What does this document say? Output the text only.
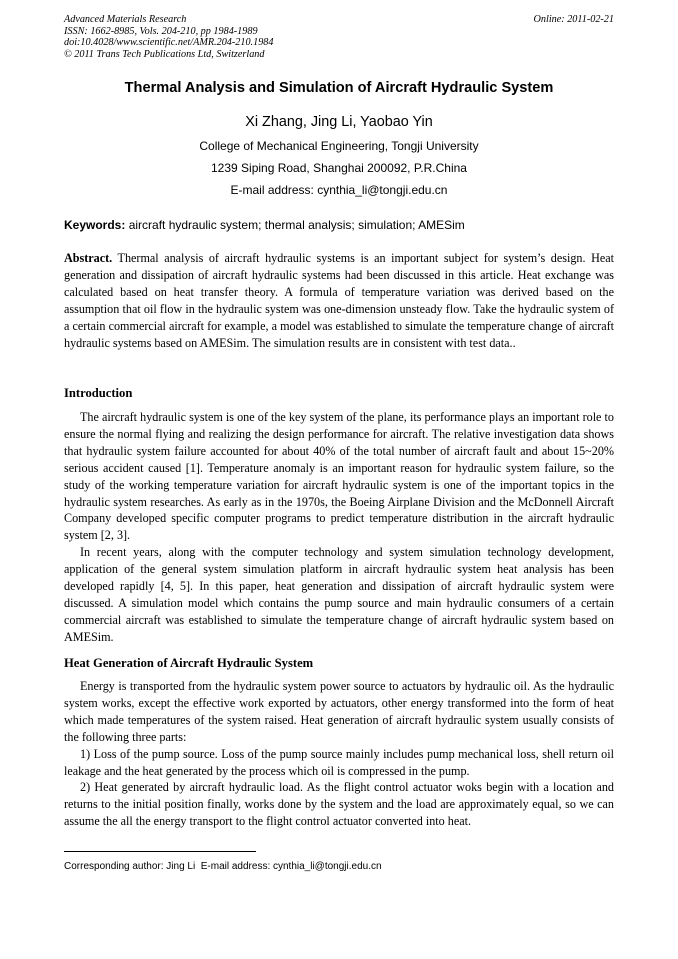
Advanced Materials Research
ISSN: 1662-8985, Vols. 204-210, pp 1984-1989
doi:10.4028/www.scientific.net/AMR.204-210.1984
© 2011 Trans Tech Publications Ltd, Switzerland
Online: 2011-02-21
Thermal Analysis and Simulation of Aircraft Hydraulic System
Xi Zhang, Jing Li, Yaobao Yin
College of Mechanical Engineering, Tongji University
1239 Siping Road, Shanghai 200092, P.R.China
E-mail address: cynthia_li@tongji.edu.cn
Keywords: aircraft hydraulic system; thermal analysis; simulation; AMESim

Abstract. Thermal analysis of aircraft hydraulic systems is an important subject for system’s design. Heat generation and dissipation of aircraft hydraulic systems had been discussed in this article. Heat exchange was calculated based on heat transfer theory. A formula of temperature variation was derived based on the assumption that oil flow in the hydraulic system was one-dimension unsteady flow. Take the hydraulic system of a certain commercial aircraft for example, a model was established to simulate the temperature change of aircraft hydraulic systems based on AMESim. The simulation results are in consistent with test data..

Introduction

The aircraft hydraulic system is one of the key system of the plane, its performance plays an important role to ensure the normal flying and realizing the design performance for aircraft. The relative investigation data shows that hydraulic system failure accounted for about 40% of the total number of aircraft fault and about 15~20% serious accident caused [1]. Temperature anomaly is an important reason for hydraulic system failure, so the study of the working temperature variation for aircraft hydraulic system is one of the important topics in the hydraulic system researches. As early as in the 1970s, the Boeing Airplane Division and the McDonnell Aircraft Company developed specific computer programs to predict temperature distribution in the aircraft hydraulic system [2, 3].

In recent years, along with the computer technology and system simulation technology development, application of the general system simulation platform in aircraft hydraulic system heat analysis has been developed rapidly [4, 5]. In this paper, heat generation and dissipation of aircraft hydraulic system were discussed. A simulation model which contains the pump source and main hydraulic consumers of a certain commercial aircraft was established to simulate the temperature change of aircraft hydraulic system based on AMESim.

Heat Generation of Aircraft Hydraulic System

Energy is transported from the hydraulic system power source to actuators by hydraulic oil. As the hydraulic system works, except the effective work exported by actuators, other energy transformed into the form of heat which made temperatures of the system raised. Heat generation of aircraft hydraulic system usually consists of the following three parts:

1) Loss of the pump source. Loss of the pump source mainly includes pump mechanical loss, shell return oil leakage and the heat generated by the process which oil is compressed in the pump.

2) Heat generated by aircraft hydraulic load. As the flight control actuator woks begin with a location and returns to the initial position finally, works done by the system and the load are approximately equal, so we can assume the all the energy transport to the flight control actuator converted into heat.

Corresponding author: Jing Li  E-mail address: cynthia_li@tongji.edu.cn
